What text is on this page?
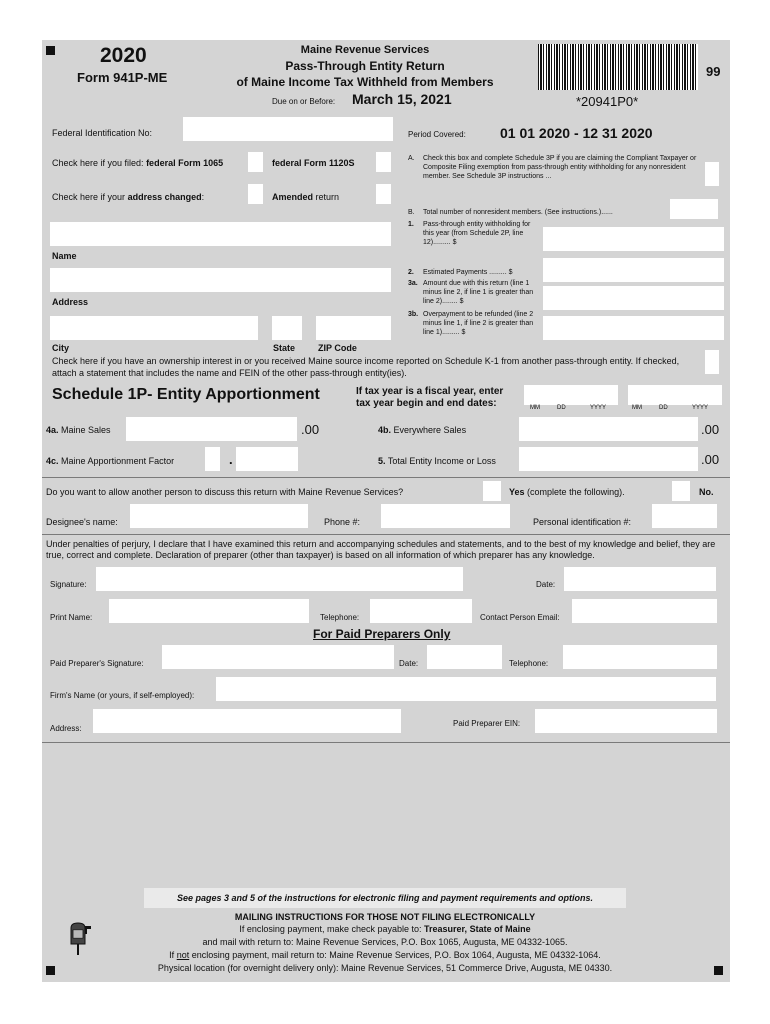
2020
Form 941P-ME
Maine Revenue Services
Pass-Through Entity Return
of Maine Income Tax Withheld from Members
Due on or Before: March 15, 2021
99
*20941P0*
Federal Identification No:	Period Covered: 01 01 2020 - 12 31 2020
Check here if you filed: federal Form 1065	federal Form 1120S
Check here if your address changed:	Amended return
Name
Address
City	State	ZIP Code
A. Check this box and complete Schedule 3P if you are claiming the Compliant Taxpayer or Composite Filing exemption from pass-through entity withholding for any nonresident member. See Schedule 3P instructions ...
B. Total number of nonresident members. (See instructions.)......
1. Pass-through entity withholding for this year (from Schedule 2P, line 12)......... $
2. Estimated Payments ......... $
3a. Amount due with this return (line 1 minus line 2, if line 1 is greater than line 2)........ $
3b. Overpayment to be refunded (line 2 minus line 1, if line 2 is greater than line 1)......... $
Check here if you have an ownership interest in or you received Maine source income reported on Schedule K-1 from another pass-through entity. If checked, attach a statement that includes the name and FEIN of the other pass-through entity(ies).
Schedule 1P- Entity Apportionment	If tax year is a fiscal year, enter tax year begin and end dates:	MM	DD	YYYY	MM	DD	YYYY
4a. Maine Sales	.00	4b. Everywhere Sales	.00
4c. Maine Apportionment Factor	.	5. Total Entity Income or Loss	.00
Do you want to allow another person to discuss this return with Maine Revenue Services?	Yes (complete the following).	No.
Designee's name:	Phone #:	Personal identification #:
Under penalties of perjury, I declare that I have examined this return and accompanying schedules and statements, and to the best of my knowledge and belief, they are true, correct and complete. Declaration of preparer (other than taxpayer) is based on all information of which preparer has any knowledge.
Signature:	Date:
Print Name:	Telephone:	Contact Person Email:
For Paid Preparers Only
Paid Preparer's Signature:	Date:	Telephone:
Firm's Name (or yours, if self-employed):
Address:
Paid Preparer EIN:
See pages 3 and 5 of the instructions for electronic filing and payment requirements and options.
MAILING INSTRUCTIONS FOR THOSE NOT FILING ELECTRONICALLY
If enclosing payment, make check payable to: Treasurer, State of Maine
and mail with return to: Maine Revenue Services, P.O. Box 1065, Augusta, ME 04332-1065.
If not enclosing payment, mail return to: Maine Revenue Services, P.O. Box 1064, Augusta, ME 04332-1064.
Physical location (for overnight delivery only): Maine Revenue Services, 51 Commerce Drive, Augusta, ME 04330.
